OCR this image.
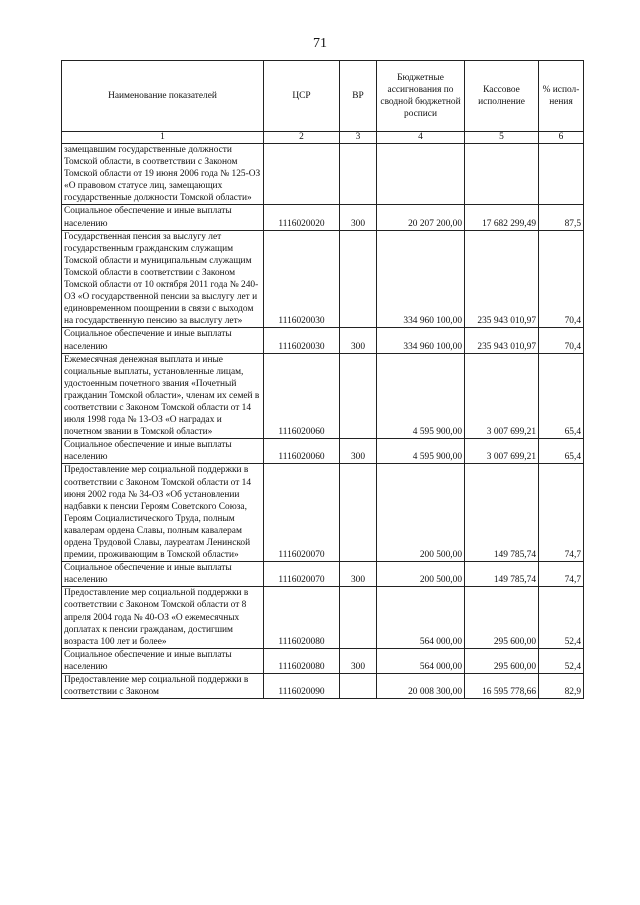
71
Наименование показателей	ЦСР	ВР	Бюджетные ассигнования по сводной бюджетной росписи	Кассовое исполнение	% испол-нения
1	2	3	4	5	6
замещавшим государственные должности Томской области, в соответствии с Законом Томской области от 19 июня 2006 года № 125-ОЗ «О правовом статусе лиц, замещающих государственные должности Томской области»					
Социальное обеспечение и иные выплаты населению	1116020020	300	20 207 200,00	17 682 299,49	87,5
Государственная пенсия за выслугу лет государственным гражданским служащим Томской области и муниципальным служащим Томской области в соответствии с Законом Томской области от 10 октября 2011 года № 240-ОЗ «О государственной пенсии за выслугу лет и единовременном поощрении в связи с выходом на государственную пенсию за выслугу лет»	1116020030		334 960 100,00	235 943 010,97	70,4
Социальное обеспечение и иные выплаты населению	1116020030	300	334 960 100,00	235 943 010,97	70,4
Ежемесячная денежная выплата и иные социальные выплаты, установленные лицам, удостоенным почетного звания «Почетный гражданин Томской области», членам их семей в соответствии с Законом Томской области от 14 июля 1998 года № 13-ОЗ «О наградах и почетном звании в Томской области»	1116020060		4 595 900,00	3 007 699,21	65,4
Социальное обеспечение и иные выплаты населению	1116020060	300	4 595 900,00	3 007 699,21	65,4
Предоставление мер социальной поддержки в соответствии с Законом Томской области от 14 июня 2002 года № 34-ОЗ «Об установлении надбавки к пенсии Героям Советского Союза, Героям Социалистического Труда, полным кавалерам ордена Славы, полным кавалерам ордена Трудовой Славы, лауреатам Ленинской премии, проживающим в Томской области»	1116020070		200 500,00	149 785,74	74,7
Социальное обеспечение и иные выплаты населению	1116020070	300	200 500,00	149 785,74	74,7
Предоставление мер социальной поддержки в соответствии с Законом Томской области от 8 апреля 2004 года № 40-ОЗ «О ежемесячных доплатах к пенсии гражданам, достигшим возраста 100 лет и более»	1116020080		564 000,00	295 600,00	52,4
Социальное обеспечение и иные выплаты населению	1116020080	300	564 000,00	295 600,00	52,4
Предоставление мер социальной поддержки в соответствии с Законом	1116020090		20 008 300,00	16 595 778,66	82,9
